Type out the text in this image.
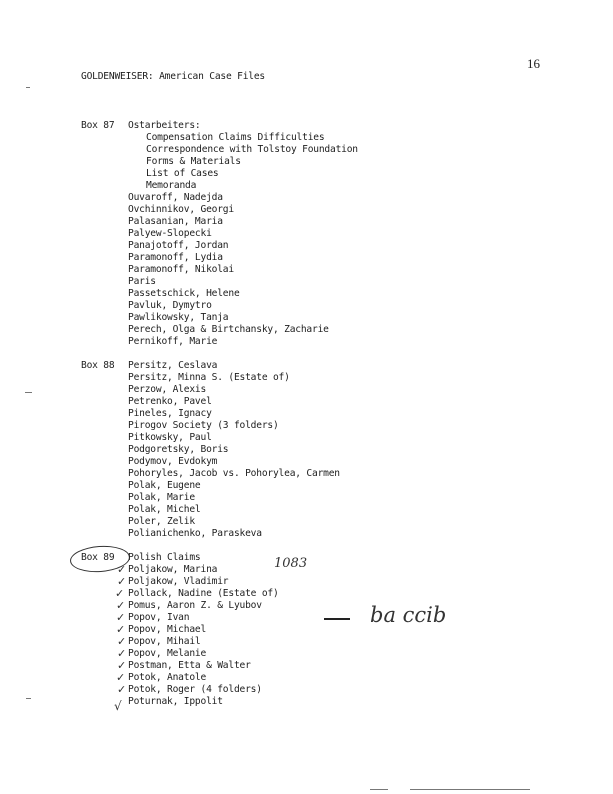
16
GOLDENWEISER: American Case Files
Box 87 Ostarbeiters:
Compensation Claims Difficulties
Correspondence with Tolstoy Foundation
Forms & Materials
List of Cases
Memoranda
Ouvaroff, Nadejda
Ovchinnikov, Georgi
Palasanian, Maria
Palyew-Slopecki
Panajotoff, Jordan
Paramonoff, Lydia
Paramonoff, Nikolai
Paris
Passetschick, Helene
Pavluk, Dymytro
Pawlikowsky, Tanja
Perech, Olga & Birtchansky, Zacharie
Pernikoff, Marie
Box 88 Persitz, Ceslava
Persitz, Minna S. (Estate of)
Perzow, Alexis
Petrenko, Pavel
Pineles, Ignacy
Pirogov Society (3 folders)
Pitkowsky, Paul
Podgoretsky, Boris
Podymov, Evdokym
Pohoryles, Jacob vs. Pohorylea, Carmen
Polak, Eugene
Polak, Marie
Polak, Michel
Poler, Zelik
Polianichenko, Paraskeva
Box 89 Polish Claims
Poljakow, Marina
Poljakow, Vladimir
Pollack, Nadine (Estate of)
Pomus, Aaron Z. & Lyubov
Popov, Ivan
Popov, Michael
Popov, Mihail
Popov, Melanie
Postman, Etta & Walter
Potok, Anatole
Potok, Roger (4 folders)
Poturnak, Ippolit
✓
✓
✓
✓
✓
✓
✓
✓
✓
✓
✓
√
1083
ba ccib
